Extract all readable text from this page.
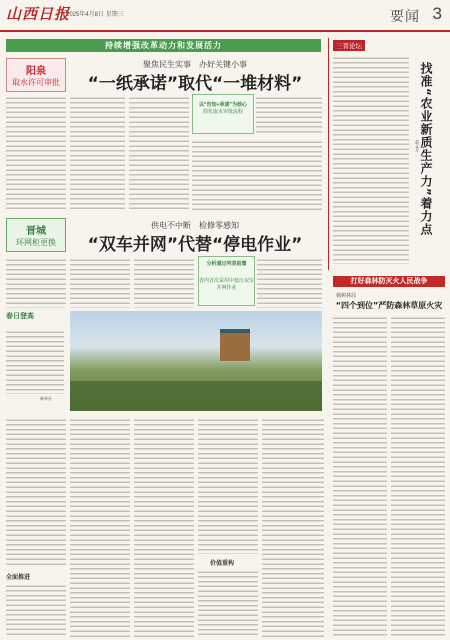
山西日报
2025年4月8日 星期三	要闻 3
持续增强改革动力和发展活力
阳泉
取水许可审批
聚焦民生实事　办好关键小事
“一纸承诺”取代“一堆材料”
以“告知+承诺”为核心
简化取水审批流程
晋城
环网柜更换
供电不中断　检修零感知
“双车并网”代替“停电作业”
分析通过列表前置
省内首次采用中低压双车并网作业
春日登高
新华社
全面推进
价值重构
三晋论坛
找准“农业新质生产力”着力点
赵义方
打好森林防灭火人民战争
杨树林局
“四个到位”严防森林草原火灾
